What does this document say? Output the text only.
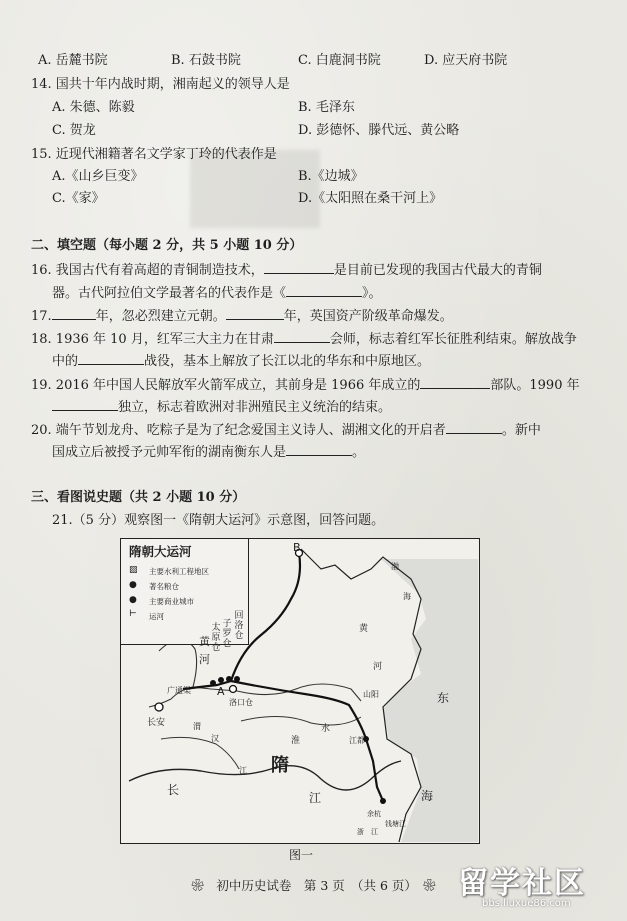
A. 岳麓书院	B. 石鼓书院	C. 白鹿洞书院	D. 应天府书院
14. 国共十年内战时期，湘南起义的领导人是
A. 朱德、陈毅	B. 毛泽东
C. 贺龙	D. 彭德怀、滕代远、黄公略
15. 近现代湘籍著名文学家丁玲的代表作是
A.《山乡巨变》	B.《边城》
C.《家》	D.《太阳照在桑干河上》
二、填空题（每小题 2 分，共 5 小题 10 分）
16. 我国古代有着高超的青铜制造技术，	是目前已发现的我国古代最大的青铜
器。古代阿拉伯文学最著名的代表作是《	》。
17.	年，忽必烈建立元朝。	年，英国资产阶级革命爆发。
18. 1936 年 10 月，红军三大主力在甘肃	会师，标志着红军长征胜利结束。解放战争
中的	战役，基本上解放了长江以北的华东和中原地区。
19. 2016 年中国人民解放军火箭军成立，其前身是 1966 年成立的	部队。1990 年
独立，标志着欧洲对非洲殖民主义统治的结束。
20. 端午节划龙舟、吃粽子是为了纪念爱国主义诗人、湖湘文化的开启者	。新中
国成立后被授予元帅军衔的湖南衡东人是	。
三、看图说史题（共 2 小题 10 分）
21.（5 分）观察图一《隋朝大运河》示意图，回答问题。
隋朝大运河
▨ 主要水利工程地区
● 著名粮仓
● 主要商业城市
⊢ 运河
B
渤
海
黄
河
黄
河
太原仓
子罗仓
回洛仓
A
广通渠
长安	渭
洛口仓
山阳	东
水
淮
汉	江都
隋
江
长
江
余杭
钱塘江
海
浙 江
图一
❀　初中历史试卷　第 3 页　（共 6 页）　❀ 留学社区
bbs.liuxue86.com
